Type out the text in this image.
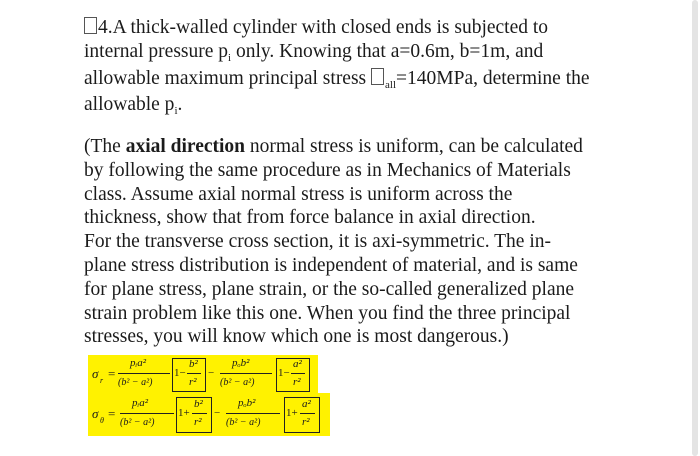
4.A thick-walled cylinder with closed ends is subjected to
internal pressure $p_i$ only. Knowing that a=0.6m, b=1m, and
allowable maximum principal stress $_{all}$=140MPa, determine the
allowable $p_i$.

(The axial direction normal stress is uniform, can be calculated
by following the same procedure as in Mechanics of Materials
class. Assume axial normal stress is uniform across the
thickness, show that from force balance in axial direction.
For the transverse cross section, it is axi-symmetric. The in-
plane stress distribution is independent of material, and is same
for plane stress, plane strain, or the so-called generalized plane
strain problem like this one. When you find the three principal
stresses, you will know which one is most dangerous.)

σ r =
pᵢa²
(b² − a²)
1−
b²
r²
−
pₒb²
(b² − a²)
1−
a²
r²
σ θ =
pᵢa²
(b² − a²)
1+
b²
r²
−
pₒb²
(b² − a²)
1+
a²
r²
